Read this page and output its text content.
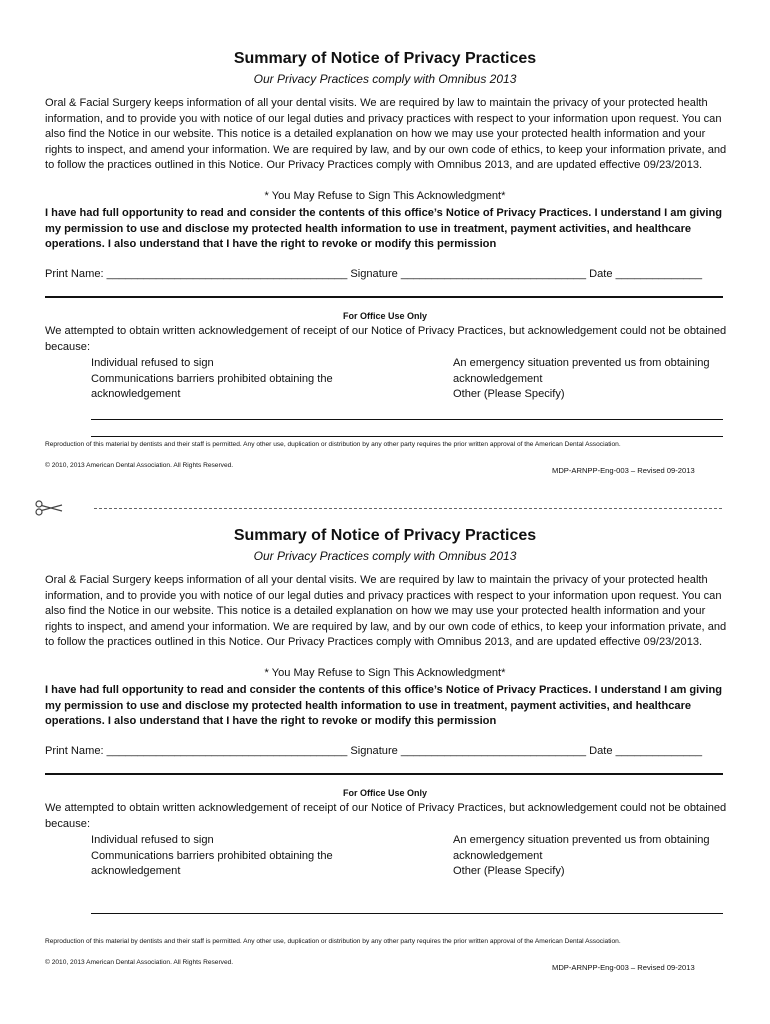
Summary of Notice of Privacy Practices
Our Privacy Practices comply with Omnibus 2013

Oral & Facial Surgery keeps information of all your dental visits. We are required by law to maintain the privacy of your protected health information, and to provide you with notice of our legal duties and privacy practices with respect to your information upon request. You can also find the Notice in our website. This notice is a detailed explanation on how we may use your protected health information and your rights to inspect, and amend your information. We are required by law, and by our own code of ethics, to keep your information private, and to follow the practices outlined in this Notice. Our Privacy Practices comply with Omnibus 2013, and are updated effective 09/23/2013.

* You May Refuse to Sign This Acknowledgment*

I have had full opportunity to read and consider the contents of this office’s Notice of Privacy Practices. I understand I am giving my permission to use and disclose my protected health information to use in treatment, payment activities, and healthcare operations. I also understand that I have the right to revoke or modify this permission

Print Name: _______________________________________ Signature ______________________________ Date ______________
For Office Use Only

We attempted to obtain written acknowledgement of receipt of our Notice of Privacy Practices, but acknowledgement could not be obtained because:

Individual refused to sign
Communications barriers prohibited obtaining the acknowledgement
An emergency situation prevented us from obtaining acknowledgement
Other (Please Specify)

Reproduction of this material by dentists and their staff is permitted. Any other use, duplication or distribution by any other party requires the prior written approval of the American Dental Association.

© 2010, 2013 American Dental Association. All Rights Reserved.
MDP-ARNPP-Eng-003 – Revised 09-2013
Summary of Notice of Privacy Practices
Our Privacy Practices comply with Omnibus 2013

Oral & Facial Surgery keeps information of all your dental visits. We are required by law to maintain the privacy of your protected health information, and to provide you with notice of our legal duties and privacy practices with respect to your information upon request. You can also find the Notice in our website. This notice is a detailed explanation on how we may use your protected health information and your rights to inspect, and amend your information. We are required by law, and by our own code of ethics, to keep your information private, and to follow the practices outlined in this Notice. Our Privacy Practices comply with Omnibus 2013, and are updated effective 09/23/2013.

* You May Refuse to Sign This Acknowledgment*

I have had full opportunity to read and consider the contents of this office’s Notice of Privacy Practices. I understand I am giving my permission to use and disclose my protected health information to use in treatment, payment activities, and healthcare operations. I also understand that I have the right to revoke or modify this permission

Print Name: _______________________________________ Signature ______________________________ Date ______________
For Office Use Only

We attempted to obtain written acknowledgement of receipt of our Notice of Privacy Practices, but acknowledgement could not be obtained because:

Individual refused to sign
Communications barriers prohibited obtaining the acknowledgement
An emergency situation prevented us from obtaining acknowledgement
Other (Please Specify)

Reproduction of this material by dentists and their staff is permitted. Any other use, duplication or distribution by any other party requires the prior written approval of the American Dental Association.

© 2010, 2013 American Dental Association. All Rights Reserved.
MDP-ARNPP-Eng-003 – Revised 09-2013
